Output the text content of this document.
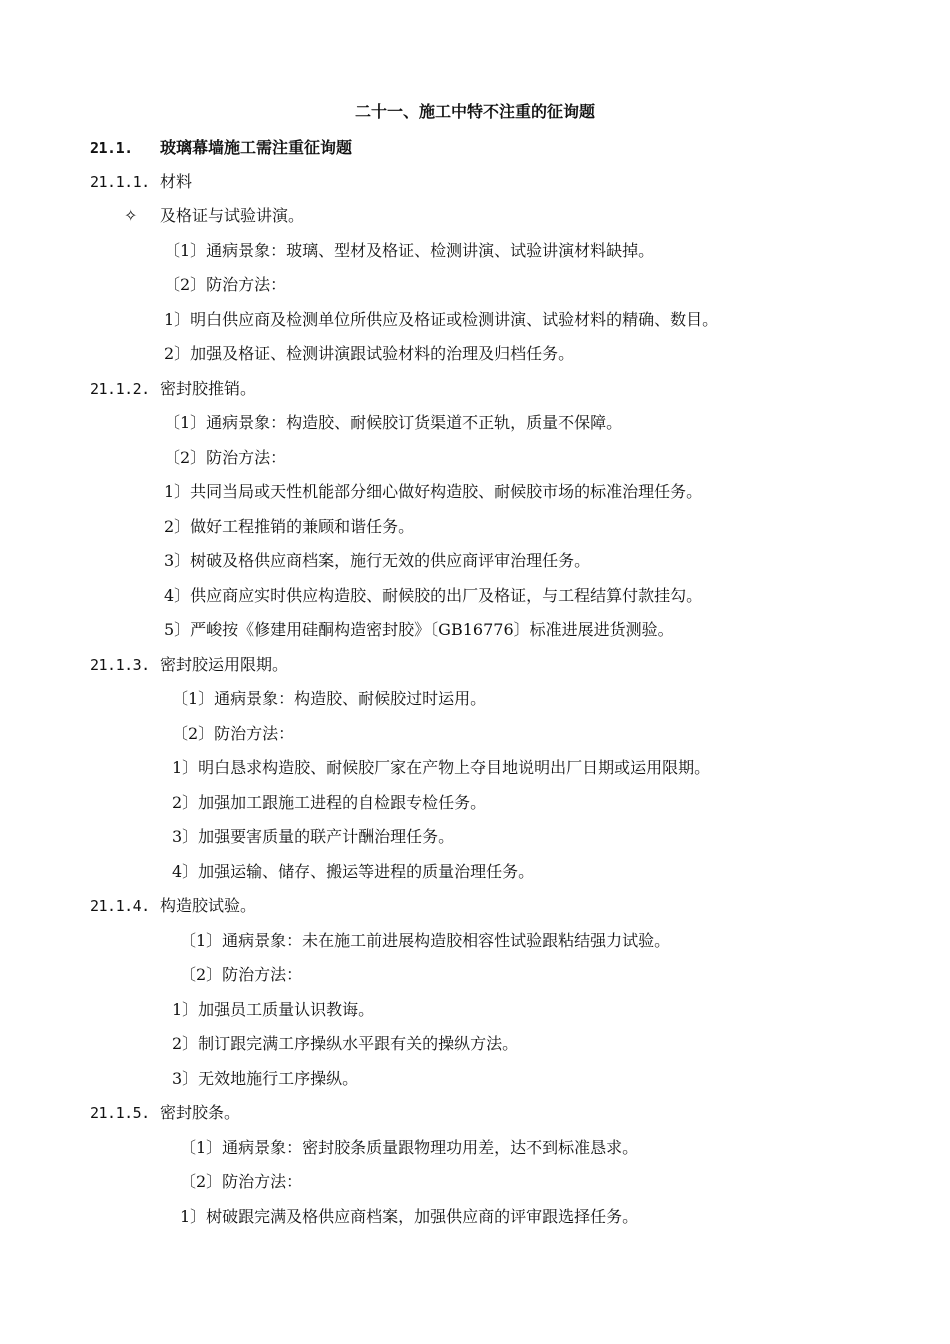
二十一、施工中特不注重的征询题
21.1. 玻璃幕墙施工需注重征询题
21.1.1. 材料
✧ 及格证与试验讲演。
〔1〕通病景象：玻璃、型材及格证、检测讲演、试验讲演材料缺掉。
〔2〕防治方法：
1〕明白供应商及检测单位所供应及格证或检测讲演、试验材料的精确、数目。
2〕加强及格证、检测讲演跟试验材料的治理及归档任务。
21.1.2. 密封胶推销。
〔1〕通病景象：构造胶、耐候胶订货渠道不正轨，质量不保障。
〔2〕防治方法：
1〕共同当局或天性机能部分细心做好构造胶、耐候胶市场的标准治理任务。
2〕做好工程推销的兼顾和谐任务。
3〕树破及格供应商档案，施行无效的供应商评审治理任务。
4〕供应商应实时供应构造胶、耐候胶的出厂及格证，与工程结算付款挂勾。
5〕严峻按《修建用硅酮构造密封胶》〔GB16776〕标准进展进货测验。
21.1.3. 密封胶运用限期。
〔1〕通病景象：构造胶、耐候胶过时运用。
〔2〕防治方法：
1〕明白恳求构造胶、耐候胶厂家在产物上夺目地说明出厂日期或运用限期。
2〕加强加工跟施工进程的自检跟专检任务。
3〕加强要害质量的联产计酬治理任务。
4〕加强运输、储存、搬运等进程的质量治理任务。
21.1.4. 构造胶试验。
〔1〕通病景象：未在施工前进展构造胶相容性试验跟粘结强力试验。
〔2〕防治方法：
1〕加强员工质量认识教诲。
2〕制订跟完满工序操纵水平跟有关的操纵方法。
3〕无效地施行工序操纵。
21.1.5. 密封胶条。
〔1〕通病景象：密封胶条质量跟物理功用差，达不到标准恳求。
〔2〕防治方法：
1〕树破跟完满及格供应商档案，加强供应商的评审跟选择任务。
